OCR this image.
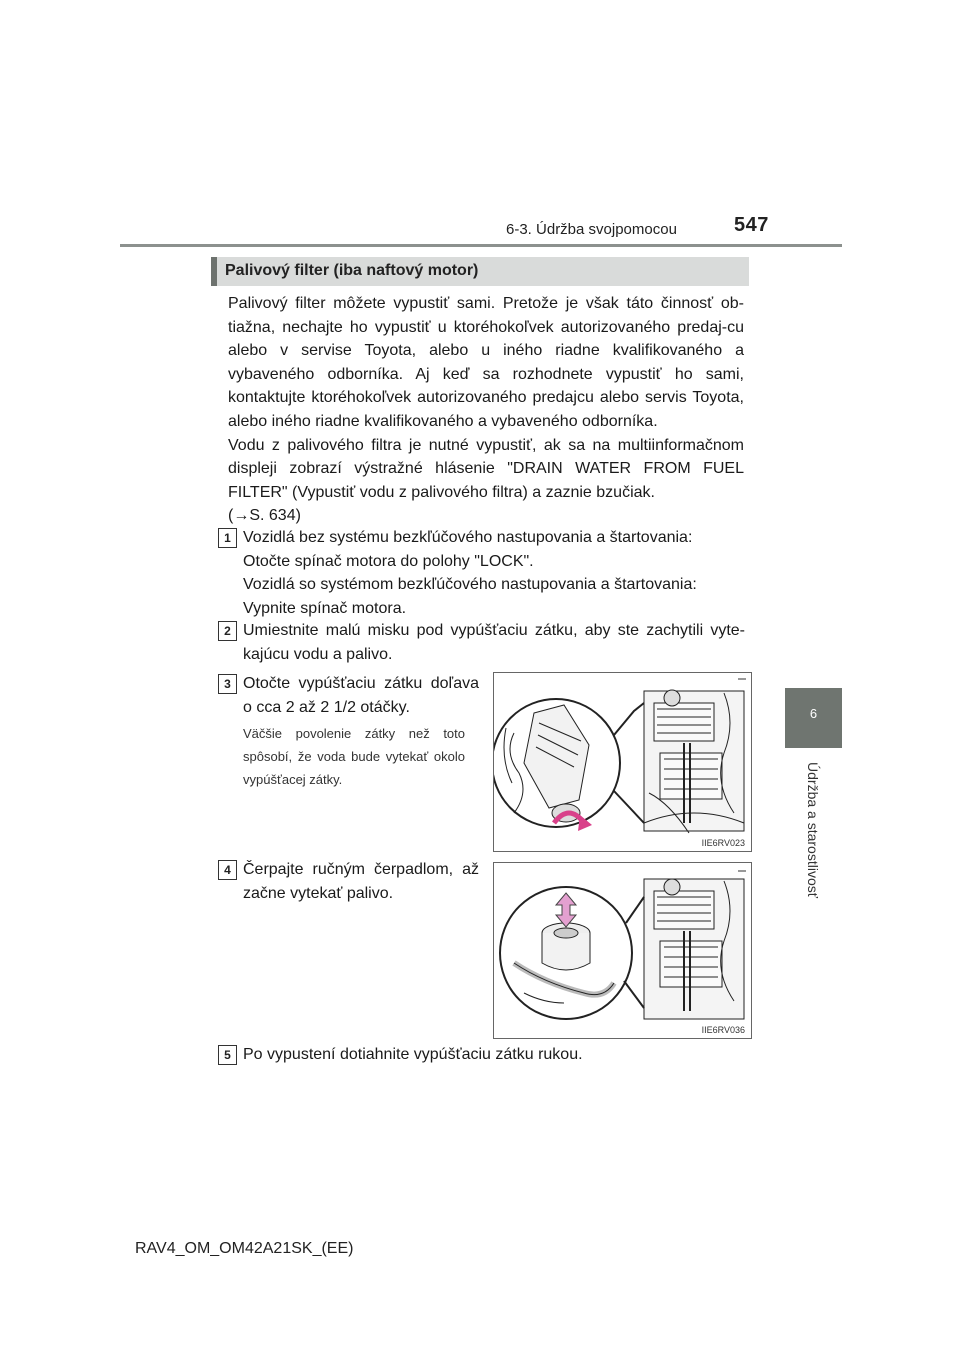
6-3. Údržba svojpomocou	547
6
Údržba a starostlivosť
Palivový filter (iba naftový motor)

Palivový filter môžete vypustiť sami. Pretože je však táto činnosť ob-tiažna, nechajte ho vypustiť u ktoréhokoľvek autorizovaného predaj-cu alebo v servise Toyota, alebo u iného riadne kvalifikovaného a vybaveného odborníka. Aj keď sa rozhodnete vypustiť ho sami, kontaktujte ktoréhokoľvek autorizovaného predajcu alebo servis Toyota, alebo iného riadne kvalifikovaného a vybaveného odborníka.

Vodu z palivového filtra je nutné vypustiť, ak sa na multiinformačnom displeji zobrazí výstražné hlásenie "DRAIN WATER FROM FUEL FILTER" (Vypustiť vodu z palivového filtra) a zaznie bzučiak.

(→S. 634)

1 Vozidlá bez systému bezkľúčového nastupovania a štartovania:

Otočte spínač motora do polohy "LOCK".

Vozidlá so systémom bezkľúčového nastupovania a štartovania:

Vypnite spínač motora.

2 Umiestnite malú misku pod vypúšťaciu zátku, aby ste zachytili vyte-kajúcu vodu a palivo.
3 Otočte vypúšťaciu zátku doľava o cca 2 až 2 1/2 otáčky.
Väčšie povolenie zátky než toto spôsobí, že voda bude vytekať okolo vypúšťacej zátky.
IIE6RV023
4 Čerpajte ručným čerpadlom, až začne vytekať palivo.
IIE6RV036
5 Po vypustení dotiahnite vypúšťaciu zátku rukou.
RAV4_OM_OM42A21SK_(EE)
